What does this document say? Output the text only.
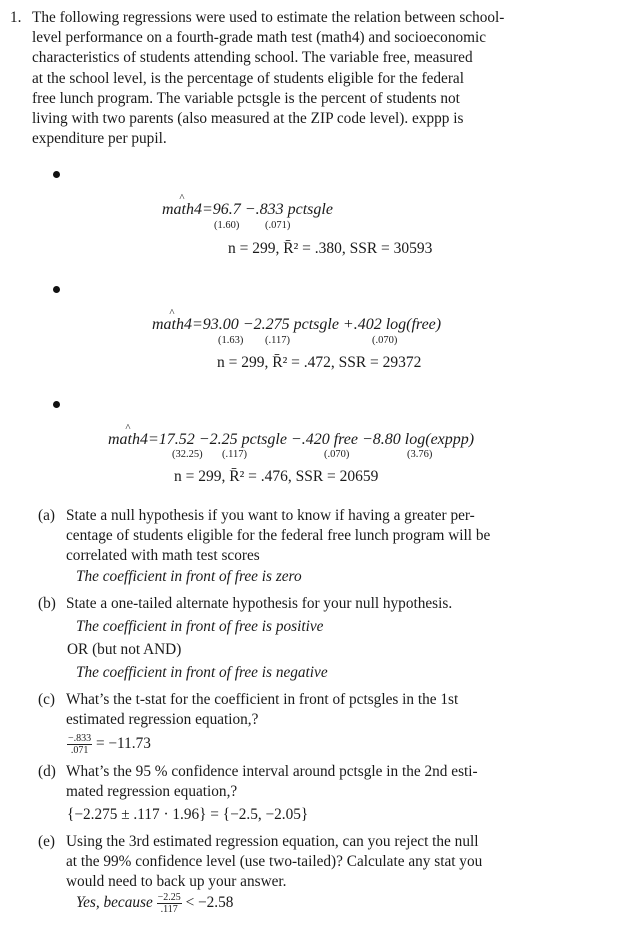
1. The following regressions were used to estimate the relation between school-
level performance on a fourth-grade math test (math4) and socioeconomic
characteristics of students attending school. The variable free, measured
at the school level, is the percentage of students eligible for the federal
free lunch program. The variable pctsgle is the percent of students not
living with two parents (also measured at the ZIP code level). exppp is
expenditure per pupil.
math4 ^=96.7 −.833 pctsgle
(1.60) (.071)
n = 299, R̄² = .380, SSR = 30593
math4 ^=93.00 −2.275 pctsgle +.402 log(free)
(1.63) (.117)	(.070)
n = 299, R̄² = .472, SSR = 29372
math4 ^=17.52 −2.25 pctsgle −.420 free −8.80 log(exppp)
(32.25) (.117)	(.070)	(3.76)
n = 299, R̄² = .476, SSR = 20659
(a) State a null hypothesis if you want to know if having a greater per-
centage of students eligible for the federal free lunch program will be
correlated with math test scores
The coefficient in front of free is zero
(b) State a one-tailed alternate hypothesis for your null hypothesis.
The coefficient in front of free is positive
OR (but not AND)
The coefficient in front of free is negative
(c) What’s the t-stat for the coefficient in front of pctsgles in the 1st
estimated regression equation,?
$\frac{-.833}{.071} = -11.73$
(d) What’s the 95 % confidence interval around pctsgle in the 2nd esti-
mated regression equation,?
{−2.275 ± .117 · 1.96} = {−2.5, −2.05}
(e) Using the 3rd estimated regression equation, can you reject the null
at the 99% confidence level (use two-tailed)? Calculate any stat you
would need to back up your answer.
Yes, because $\frac{-2.25}{.117} < -2.58$
